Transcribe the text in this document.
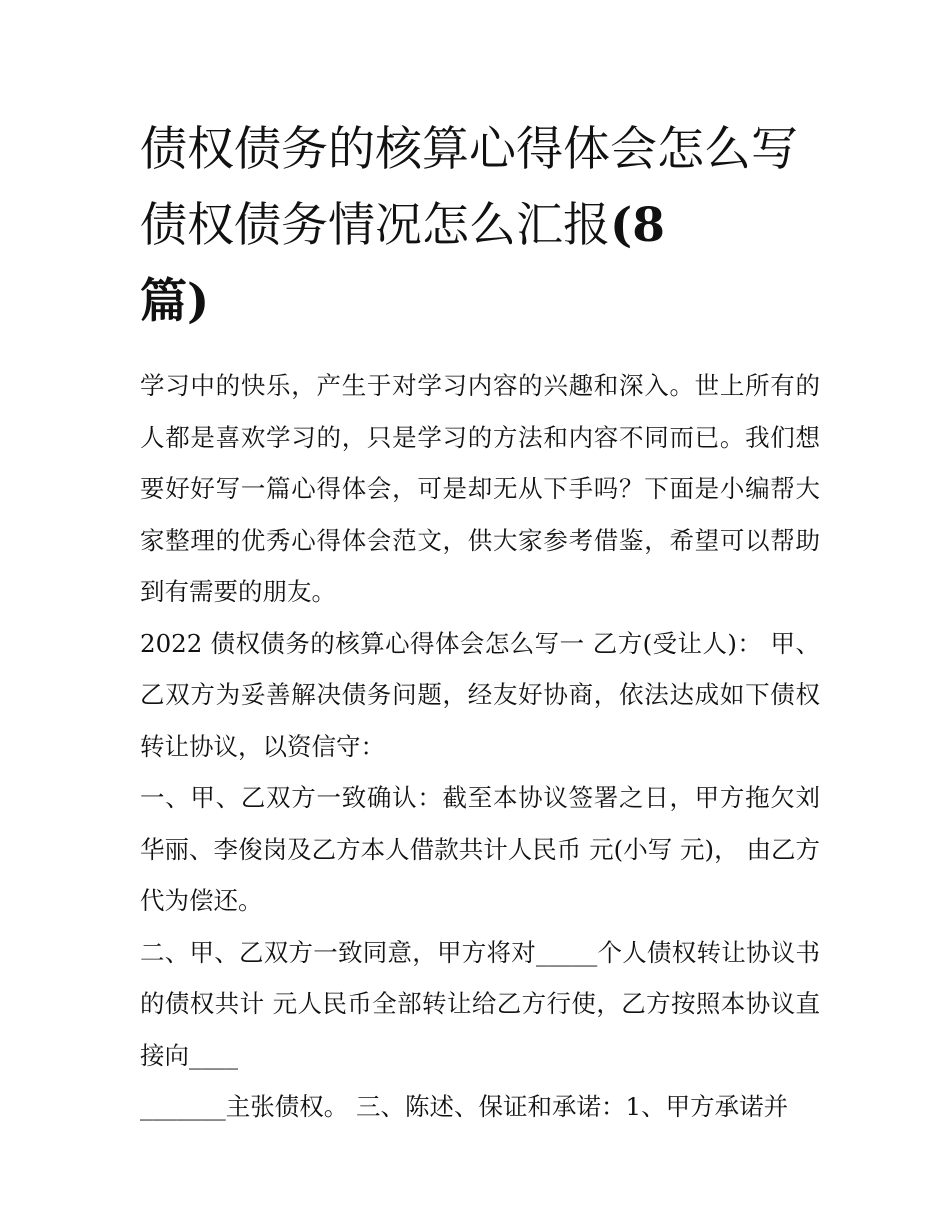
债权债务的核算心得体会怎么写 债权债务情况怎么汇报(8
篇)

学习中的快乐，产生于对学习内容的兴趣和深入。世上所有的人都是喜欢学习的，只是学习的方法和内容不同而已。我们想要好好写一篇心得体会，可是却无从下手吗？下面是小编帮大家整理的优秀心得体会范文，供大家参考借鉴，希望可以帮助到有需要的朋友。

2022 债权债务的核算心得体会怎么写一 乙方(受让人)： 甲、乙双方为妥善解决债务问题，经友好协商，依法达成如下债权转让协议，以资信守：

一、甲、乙双方一致确认：截至本协议签署之日，甲方拖欠刘华丽、李俊岗及乙方本人借款共计人民币 元(小写 元)， 由乙方代为偿还。

二、甲、乙双方一致同意，甲方将对_____个人债权转让协议书的债权共计 元人民币全部转让给乙方行使，乙方按照本协议直接向____

_______主张债权。 三、陈述、保证和承诺：1、甲方承诺并
